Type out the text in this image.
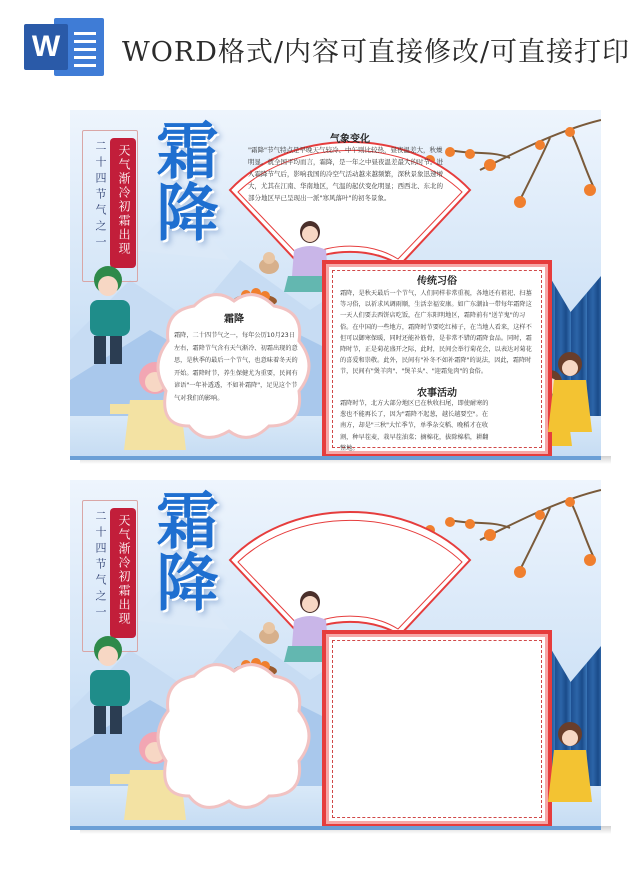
W WORD格式/内容可直接修改/可直接打印
二十四节气之一 天气渐冷初霜出现 霜降	气象变化
"霜降"节气特点是早晚天气较冷、中午则比较热，昼夜温差大，秋燥明显。就全国平均而言，霜降，是一年之中昼夜温差最大的时节。进入霜降节气后，影响我国的冷空气活动越来越频繁，深秋景象迅速增大，尤其在江南、华南地区，气温的起伏变化明显；西西北、东北的部分地区早已呈现出一派"寒风落叶"的初冬景象。
霜降
霜降，二十四节气之一，每年公历10月23日左右，霜降节气含有天气渐冷、初霜出现的意思，是秋季的最后一个节气，也意味着冬天的开始。霜降时节，养生保健尤为重要，民间有谚语"一年补透透，不如补霜降"，足见这个节气对我们的影响。
传统习俗
霜降，是秋天最后一个节气，人们同样非常重视，各地还有祖祀、扫墓等习俗，以祈求风调雨顺，生活幸福安康。如广东潮汕一带每年霜降这一天人们要去西饼店吃饭，在广东阳明地区，霜降前有"送芋鬼"的习俗。在中国的一些地方，霜降时节要吃红柿子，在当地人看来，这样不但可以御寒保暖，同时还能补筋骨，是非常不错的霜降食品。同时，霜降时节，正是菊花盛开之际，此时，民间会举行菊花会，以表达对菊花的喜爱和崇敬。此外，民间有"补冬不如补霜降"的说法，因此，霜降时节，民间有"煲羊肉"、"煲羊头"、"迎霜兔肉"的食俗。
农事活动
霜降时节，北方大部分地区已在秋收扫尾，即使耐寒的葱也不能再长了，因为"霜降不起葱，越长越要空"。在南方，却是"三秋"大忙季节，单季杂交稻、晚稻才在收割，种早茬麦，栽早茬油菜；摘棉花，拔除棉秸，耕翻整地。
二十四节气之一 天气渐冷初霜出现 霜降
